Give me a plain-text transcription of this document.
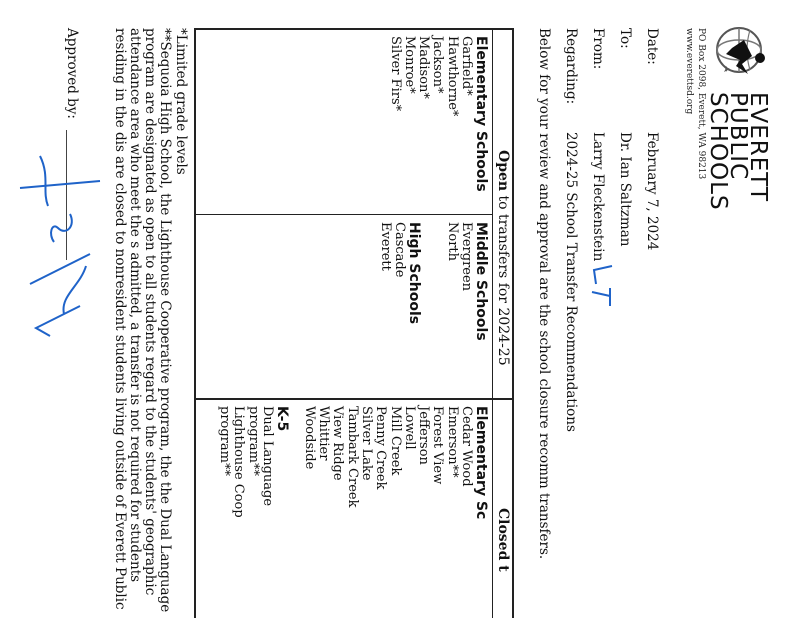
EVERETT
PUBLIC
SCHOOLS
PO Box 2098, Everett, WA 98213
www.everettsd.org
Date:
February 7, 2024
To:
Dr. Ian Saltzman
From:
Larry Fleckenstein
Regarding:
2024-25 School Transfer Recommendations
Below for your review and approval are the school closure recomm transfers.
Open to transfers for 2024-25
Elementary Schools
Garfield*
Hawthorne*
Jackson*
Madison*
Monroe*
Silver Firs*
Middle Schools
Evergreen
North
High Schools
Cascade
Everett
Closed t
Elementary Sc
Cedar Wood
Emerson**
Forest View
Jefferson
Lowell
Mill Creek
Penny Creek
Silver Lake
Tambark Creek
View Ridge
Whittier
Woodside
K-5
Dual Language
program**
Lighthouse Coop
program**
*Limited grade levels
**Sequoia High School, the Lighthouse Cooperative program, the the Dual Language program are designated as open to all students regard to the students' geographic attendance area who meet the s admitted, a transfer is not required for students residing in the dis are closed to nonresident students living outside of Everett Public
Approved by:
